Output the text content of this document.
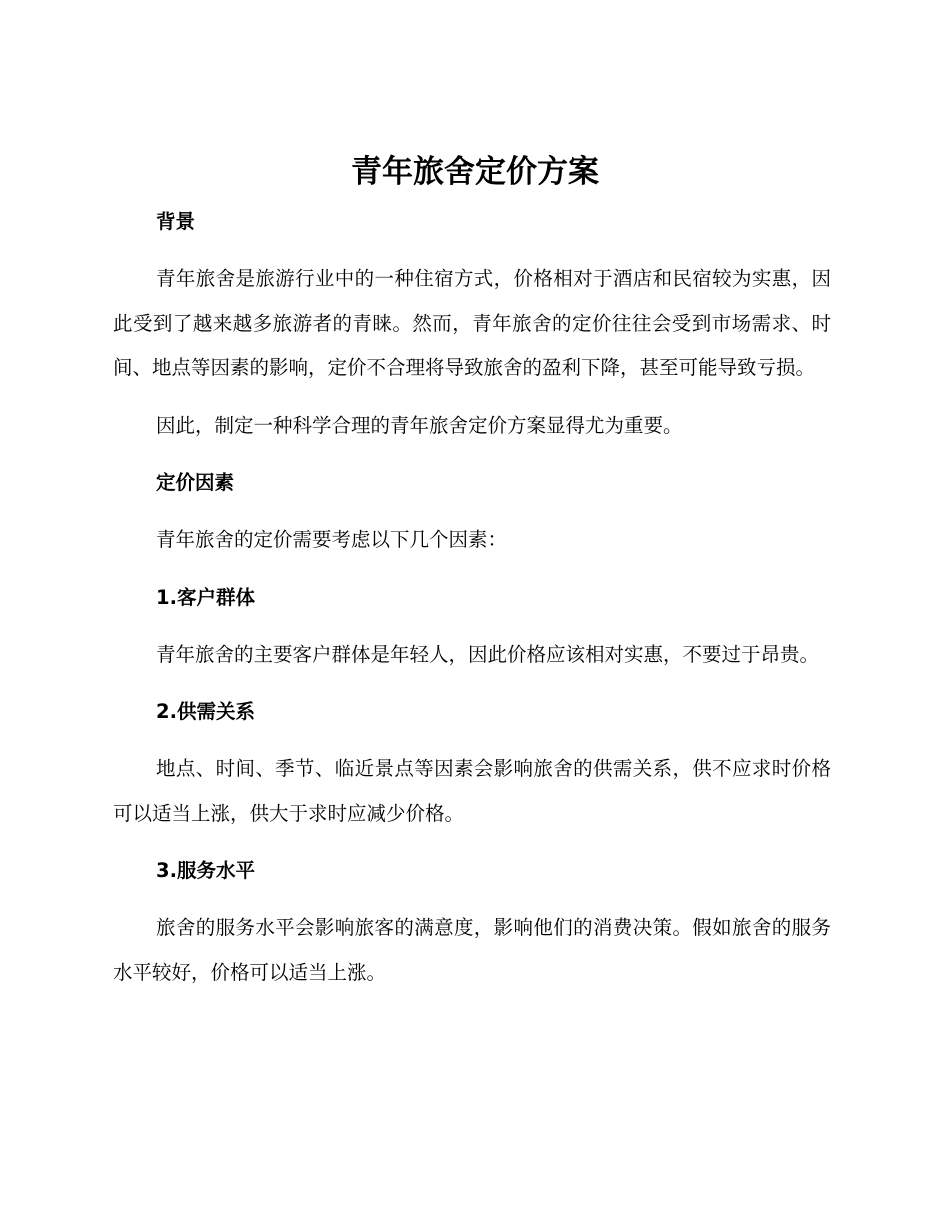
青年旅舍定价方案
背景

青年旅舍是旅游行业中的一种住宿方式，价格相对于酒店和民宿较为实惠，因此受到了越来越多旅游者的青睐。然而，青年旅舍的定价往往会受到市场需求、时间、地点等因素的影响，定价不合理将导致旅舍的盈利下降，甚至可能导致亏损。

因此，制定一种科学合理的青年旅舍定价方案显得尤为重要。

定价因素

青年旅舍的定价需要考虑以下几个因素：

1.客户群体

青年旅舍的主要客户群体是年轻人，因此价格应该相对实惠，不要过于昂贵。

2.供需关系

地点、时间、季节、临近景点等因素会影响旅舍的供需关系，供不应求时价格可以适当上涨，供大于求时应减少价格。

3.服务水平

旅舍的服务水平会影响旅客的满意度，影响他们的消费决策。假如旅舍的服务水平较好，价格可以适当上涨。
